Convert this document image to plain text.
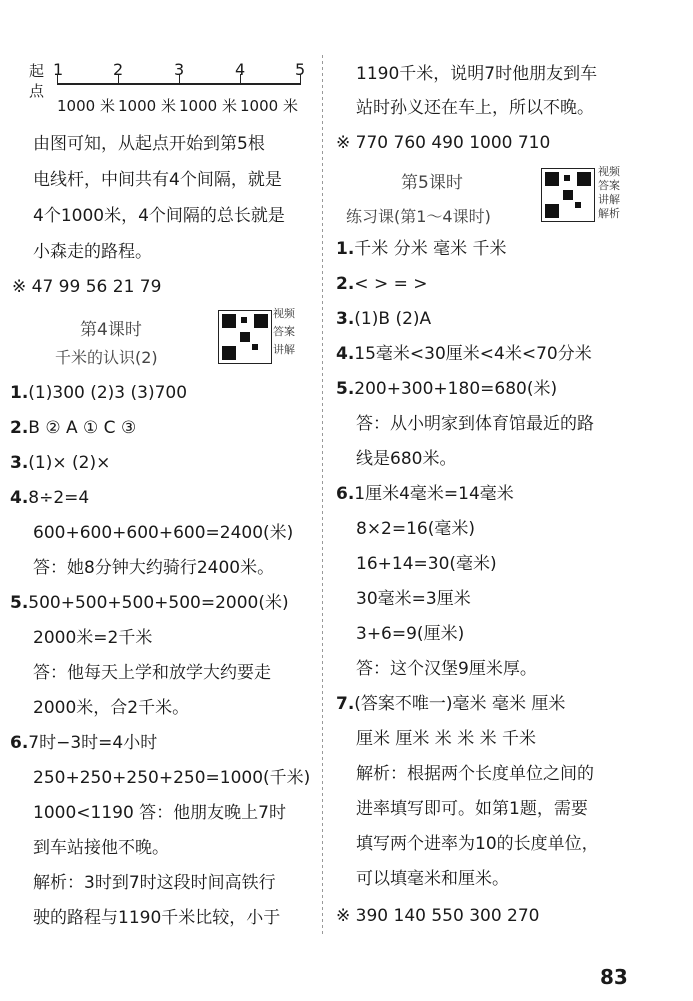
起
点
1	2	3	4	5
1000 米 1000 米 1000 米 1000 米
由图可知，从起点开始到第5根
电线杆，中间共有4个间隔，就是
4个1000米，4个间隔的总长就是
小森走的路程。
※ 47 99 56 21 79
第4课时
千米的认识(2)
视频
答案
讲解
1.(1)300 (2)3 (3)700
2.B ② A ① C ③
3.(1)× (2)×
4.8÷2=4
600+600+600+600=2400(米)
答：她8分钟大约骑行2400米。
5.500+500+500+500=2000(米)
2000米=2千米
答：他每天上学和放学大约要走
2000米，合2千米。
6.7时−3时=4小时
250+250+250+250=1000(千米)
1000<1190 答：他朋友晚上7时
到车站接他不晚。
解析：3时到7时这段时间高铁行
驶的路程与1190千米比较，小于
1190千米，说明7时他朋友到车
站时孙义还在车上，所以不晚。
※ 770 760 490 1000 710
第5课时
练习课(第1～4课时)
视频
答案
讲解
解析
1.千米 分米 毫米 千米
2.< > = >
3.(1)B (2)A
4.15毫米<30厘米<4米<70分米
5.200+300+180=680(米)
答：从小明家到体育馆最近的路
线是680米。
6.1厘米4毫米=14毫米
8×2=16(毫米)
16+14=30(毫米)
30毫米=3厘米
3+6=9(厘米)
答：这个汉堡9厘米厚。
7.(答案不唯一)毫米 毫米 厘米
厘米 厘米 米 米 米 千米
解析：根据两个长度单位之间的
进率填写即可。如第1题，需要
填写两个进率为10的长度单位，
可以填毫米和厘米。
※ 390 140 550 300 270
83
